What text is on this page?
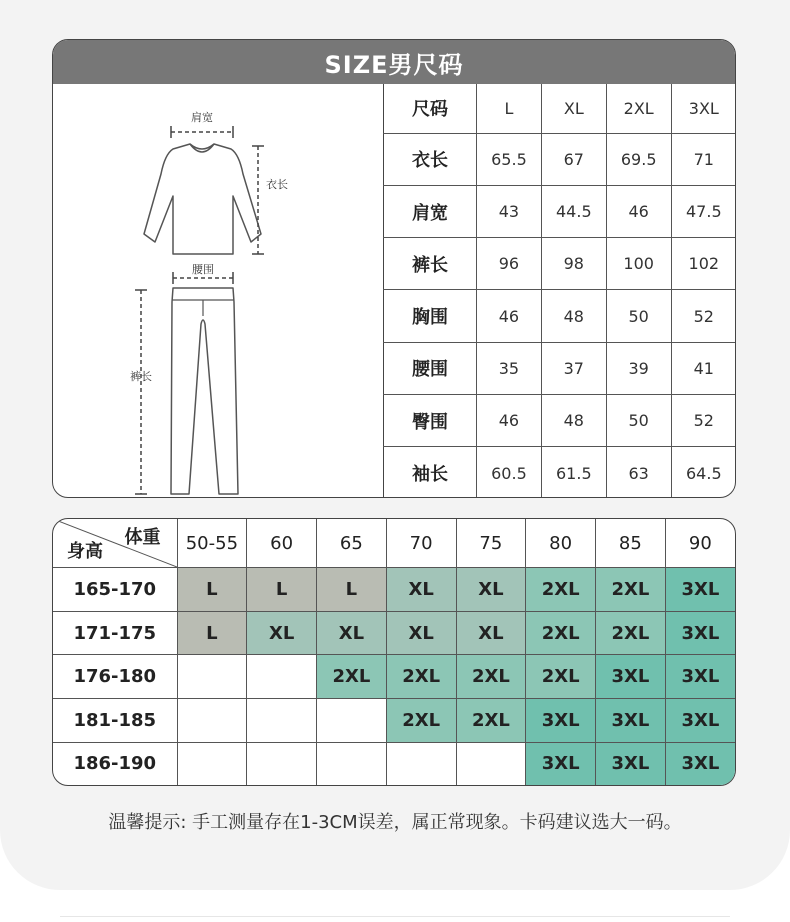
SIZE男尺码
肩宽
衣长
腰围
裤长
尺码	L	XL	2XL	3XL
衣长	65.5	67	69.5	71
肩宽	43	44.5	46	47.5
裤长	96	98	100	102
胸围	46	48	50	52
腰围	35	37	39	41
臀围	46	48	50	52
袖长	60.5	61.5	63	64.5
体重
身高	50-55	60	65	70	75	80	85	90
165-170	L	L	L	XL	XL	2XL	2XL	3XL
171-175	L	XL	XL	XL	XL	2XL	2XL	3XL
176-180			2XL	2XL	2XL	2XL	3XL	3XL
181-185				2XL	2XL	3XL	3XL	3XL
186-190						3XL	3XL	3XL
温馨提示: 手工测量存在1-3CM误差，属正常现象。卡码建议选大一码。
